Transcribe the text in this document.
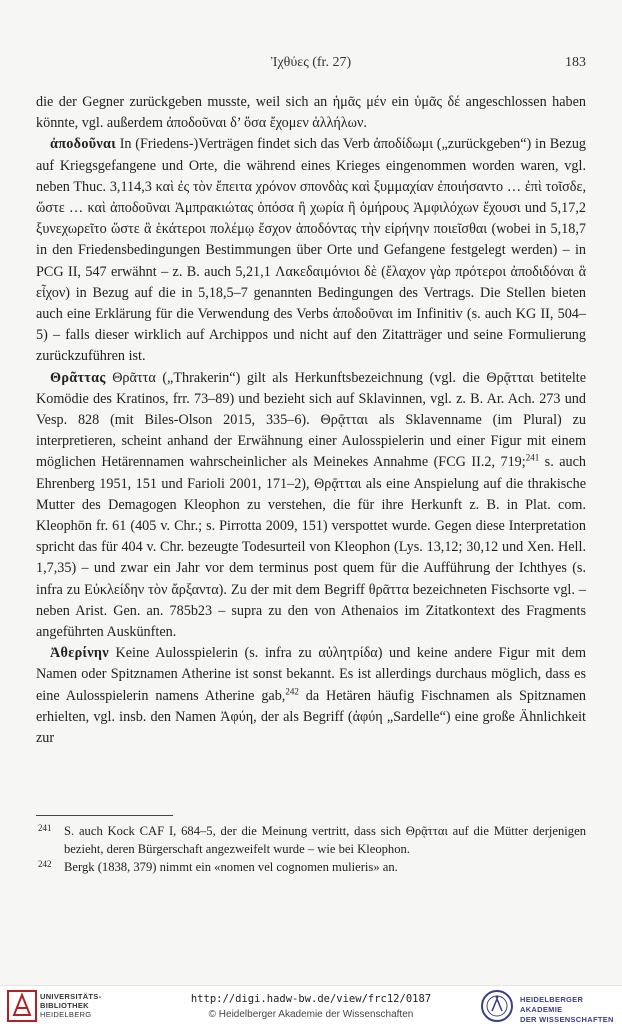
Ἰχθύες (fr. 27)	183

die der Gegner zurückgeben musste, weil sich an ἡμᾶς μέν ein ὑμᾶς δέ angeschlossen haben könnte, vgl. außerdem ἀποδοῦναι δ’ ὅσα ἔχομεν ἀλλήλων.

ἀποδοῦναι In (Friedens-)Verträgen findet sich das Verb ἀποδίδωμι („zurückgeben“) in Bezug auf Kriegsgefangene und Orte, die während eines Krieges eingenommen worden waren, vgl. neben Thuc. 3,114,3 καὶ ἐς τὸν ἔπειτα χρόνον σπονδὰς καὶ ξυμμαχίαν ἐποιήσαντο … ἐπὶ τοῖσδε, ὥστε … καὶ ἀποδοῦναι Ἀμπρακιώτας ὁπόσα ἢ χωρία ἢ ὁμήρους Ἀμφιλόχων ἔχουσι und 5,17,2 ξυνεχωρεῖτο ὥστε ἃ ἑκάτεροι πολέμῳ ἔσχον ἀποδόντας τὴν εἰρήνην ποιεῖσθαι (wobei in 5,18,7 in den Friedensbedingungen Bestimmungen über Orte und Gefangene festgelegt werden) – in PCG II, 547 erwähnt – z. B. auch 5,21,1 Λακεδαιμόνιοι δὲ (ἔλαχον γὰρ πρότεροι ἀποδιδόναι ἃ εἶχον) in Bezug auf die in 5,18,5–7 genannten Bedingungen des Vertrags. Die Stellen bieten auch eine Erklärung für die Verwendung des Verbs ἀποδοῦναι im Infinitiv (s. auch KG II, 504–5) – falls dieser wirklich auf Archippos und nicht auf den Zitatträger und seine Formulierung zurückzuführen ist.

Θρᾶττας Θρᾶττα („Thrakerin“) gilt als Herkunftsbezeichnung (vgl. die Θρᾷτται betitelte Komödie des Kratinos, frr. 73–89) und bezieht sich auf Sklavinnen, vgl. z. B. Ar. Ach. 273 und Vesp. 828 (mit Biles-Olson 2015, 335–6). Θρᾷτται als Sklavenname (im Plural) zu interpretieren, scheint anhand der Erwähnung einer Aulosspielerin und einer Figur mit einem möglichen Hetärennamen wahrscheinlicher als Meinekes Annahme (FCG II.2, 719;$^{241}$ s. auch Ehrenberg 1951, 151 und Farioli 2001, 171–2), Θρᾷτται als eine Anspielung auf die thrakische Mutter des Demagogen Kleophon zu verstehen, die für ihre Herkunft z. B. in Plat. com. Kleophōn fr. 61 (405 v. Chr.; s. Pirrotta 2009, 151) verspottet wurde. Gegen diese Interpretation spricht das für 404 v. Chr. bezeugte Todesurteil von Kleophon (Lys. 13,12; 30,12 und Xen. Hell. 1,7,35) – und zwar ein Jahr vor dem terminus post quem für die Aufführung der Ichthyes (s. infra zu Εὐκλείδην τὸν ἄρξαντα). Zu der mit dem Begriff θρᾶττα bezeichneten Fischsorte vgl. – neben Arist. Gen. an. 785b23 – supra zu den von Athenaios im Zitatkontext des Fragments angeführten Auskünften.

Ἀθερίνην Keine Aulosspielerin (s. infra zu αὐλητρίδα) und keine andere Figur mit dem Namen oder Spitznamen Atherine ist sonst bekannt. Es ist allerdings durchaus möglich, dass es eine Aulosspielerin namens Atherine gab,$^{242}$ da Hetären häufig Fischnamen als Spitznamen erhielten, vgl. insb. den Namen Ἀφύη, der als Begriff (ἀφύη „Sardelle“) eine große Ähnlichkeit zur

241 S. auch Kock CAF I, 684–5, der die Meinung vertritt, dass sich Θρᾷτται auf die Mütter derjenigen bezieht, deren Bürgerschaft angezweifelt wurde – wie bei Kleophon.
242 Bergk (1838, 379) nimmt ein «nomen vel cognomen mulieris» an.
UNIVERSITÄTS-
BIBLIOTHEK
HEIDELBERG
http://digi.hadw-bw.de/view/frc12/0187
© Heidelberger Akademie der Wissenschaften
HEIDELBERGER AKADEMIE
DER WISSENSCHAFTEN
